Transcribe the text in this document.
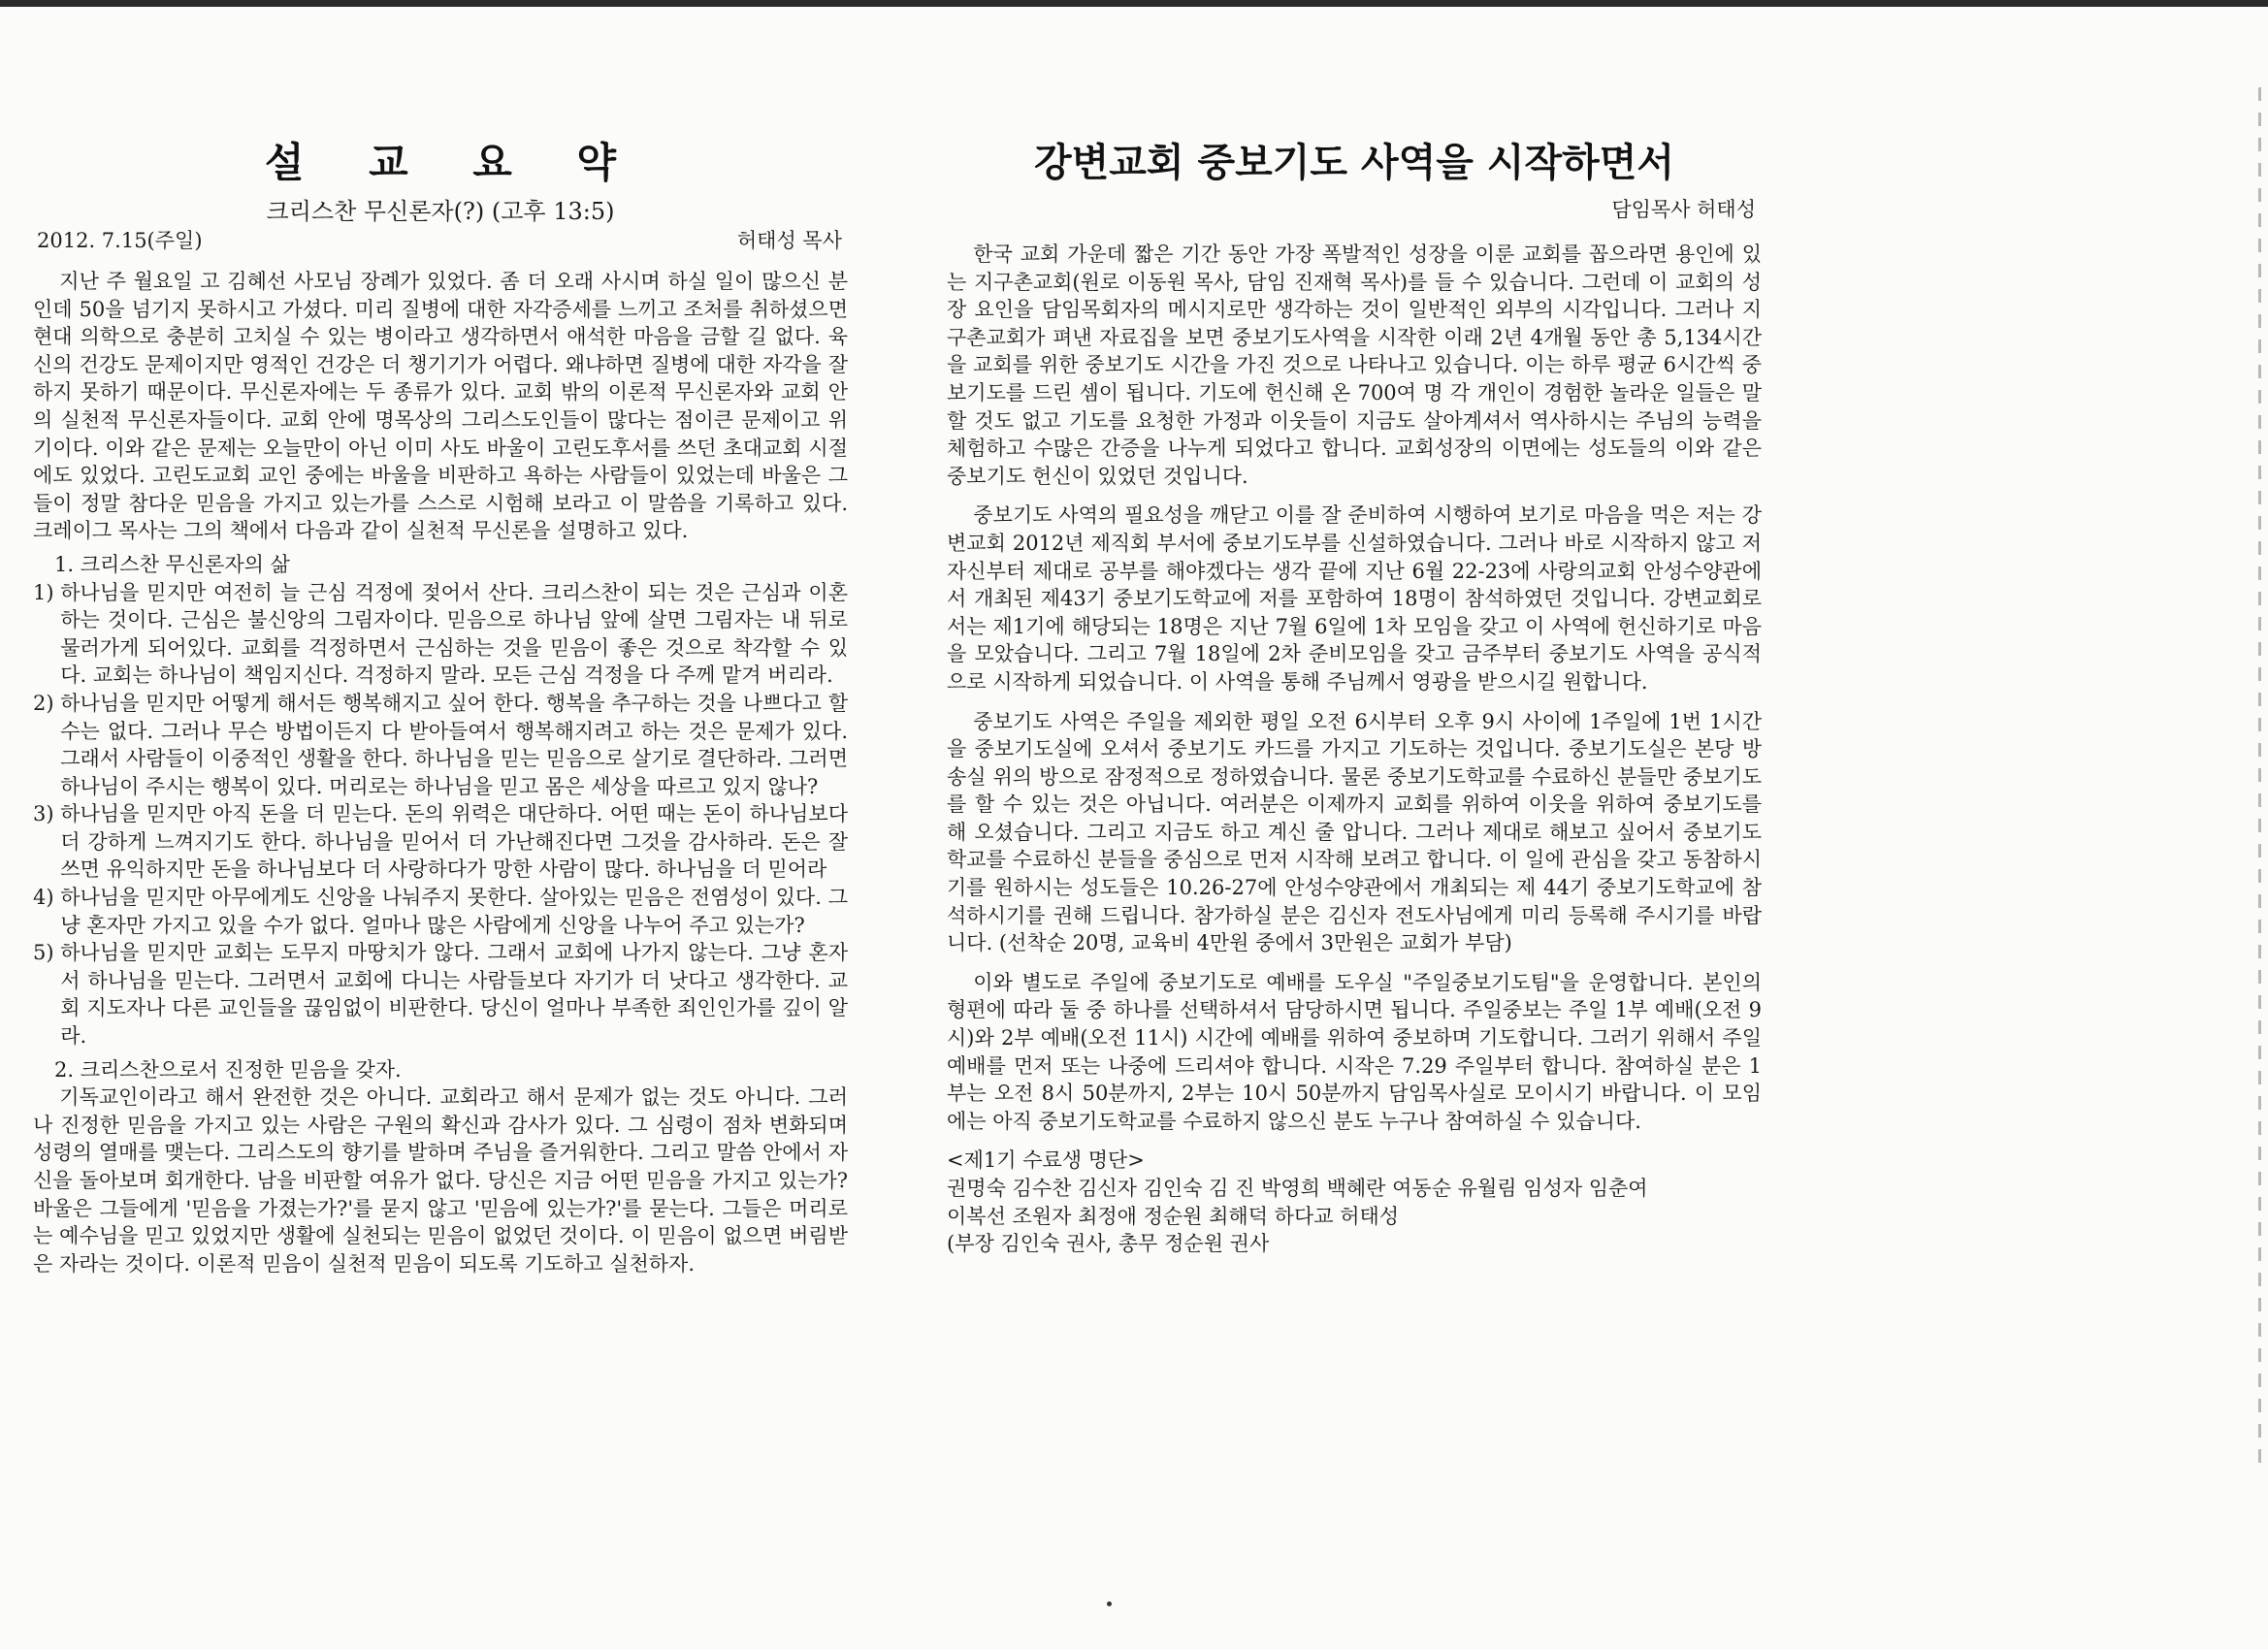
설 교 요 약
크리스찬 무신론자(?) (고후 13:5)
2012. 7.15(주일)	허태성 목사

지난 주 월요일 고 김혜선 사모님 장례가 있었다. 좀 더 오래 사시며 하실 일이 많으신 분인데 50을 넘기지 못하시고 가셨다. 미리 질병에 대한 자각증세를 느끼고 조처를 취하셨으면 현대 의학으로 충분히 고치실 수 있는 병이라고 생각하면서 애석한 마음을 금할 길 없다. 육신의 건강도 문제이지만 영적인 건강은 더 챙기기가 어렵다. 왜냐하면 질병에 대한 자각을 잘 하지 못하기 때문이다. 무신론자에는 두 종류가 있다. 교회 밖의 이론적 무신론자와 교회 안의 실천적 무신론자들이다. 교회 안에 명목상의 그리스도인들이 많다는 점이큰 문제이고 위기이다. 이와 같은 문제는 오늘만이 아닌 이미 사도 바울이 고린도후서를 쓰던 초대교회 시절에도 있었다. 고린도교회 교인 중에는 바울을 비판하고 욕하는 사람들이 있었는데 바울은 그들이 정말 참다운 믿음을 가지고 있는가를 스스로 시험해 보라고 이 말씀을 기록하고 있다. 크레이그 목사는 그의 책에서 다음과 같이 실천적 무신론을 설명하고 있다.

1. 크리스찬 무신론자의 삶
1) 하나님을 믿지만 여전히 늘 근심 걱정에 젖어서 산다. 크리스찬이 되는 것은 근심과 이혼하는 것이다. 근심은 불신앙의 그림자이다. 믿음으로 하나님 앞에 살면 그림자는 내 뒤로 물러가게 되어있다. 교회를 걱정하면서 근심하는 것을 믿음이 좋은 것으로 착각할 수 있다. 교회는 하나님이 책임지신다. 걱정하지 말라. 모든 근심 걱정을 다 주께 맡겨 버리라.
2) 하나님을 믿지만 어떻게 해서든 행복해지고 싶어 한다. 행복을 추구하는 것을 나쁘다고 할 수는 없다. 그러나 무슨 방법이든지 다 받아들여서 행복해지려고 하는 것은 문제가 있다. 그래서 사람들이 이중적인 생활을 한다. 하나님을 믿는 믿음으로 살기로 결단하라. 그러면 하나님이 주시는 행복이 있다. 머리로는 하나님을 믿고 몸은 세상을 따르고 있지 않나?
3) 하나님을 믿지만 아직 돈을 더 믿는다. 돈의 위력은 대단하다. 어떤 때는 돈이 하나님보다 더 강하게 느껴지기도 한다. 하나님을 믿어서 더 가난해진다면 그것을 감사하라. 돈은 잘 쓰면 유익하지만 돈을 하나님보다 더 사랑하다가 망한 사람이 많다. 하나님을 더 믿어라
4) 하나님을 믿지만 아무에게도 신앙을 나눠주지 못한다. 살아있는 믿음은 전염성이 있다. 그냥 혼자만 가지고 있을 수가 없다. 얼마나 많은 사람에게 신앙을 나누어 주고 있는가?
5) 하나님을 믿지만 교회는 도무지 마땅치가 않다. 그래서 교회에 나가지 않는다. 그냥 혼자서 하나님을 믿는다. 그러면서 교회에 다니는 사람들보다 자기가 더 낫다고 생각한다. 교회 지도자나 다른 교인들을 끊임없이 비판한다. 당신이 얼마나 부족한 죄인인가를 깊이 알라.
2. 크리스찬으로서 진정한 믿음을 갖자.

기독교인이라고 해서 완전한 것은 아니다. 교회라고 해서 문제가 없는 것도 아니다. 그러나 진정한 믿음을 가지고 있는 사람은 구원의 확신과 감사가 있다. 그 심령이 점차 변화되며 성령의 열매를 맺는다. 그리스도의 향기를 발하며 주님을 즐거워한다. 그리고 말씀 안에서 자신을 돌아보며 회개한다. 남을 비판할 여유가 없다. 당신은 지금 어떤 믿음을 가지고 있는가? 바울은 그들에게 '믿음을 가졌는가?'를 묻지 않고 '믿음에 있는가?'를 묻는다. 그들은 머리로는 예수님을 믿고 있었지만 생활에 실천되는 믿음이 없었던 것이다. 이 믿음이 없으면 버림받은 자라는 것이다. 이론적 믿음이 실천적 믿음이 되도록 기도하고 실천하자.

강변교회 중보기도 사역을 시작하면서
담임목사 허태성

한국 교회 가운데 짧은 기간 동안 가장 폭발적인 성장을 이룬 교회를 꼽으라면 용인에 있는 지구촌교회(원로 이동원 목사, 담임 진재혁 목사)를 들 수 있습니다. 그런데 이 교회의 성장 요인을 담임목회자의 메시지로만 생각하는 것이 일반적인 외부의 시각입니다. 그러나 지구촌교회가 펴낸 자료집을 보면 중보기도사역을 시작한 이래 2년 4개월 동안 총 5,134시간을 교회를 위한 중보기도 시간을 가진 것으로 나타나고 있습니다. 이는 하루 평균 6시간씩 중보기도를 드린 셈이 됩니다. 기도에 헌신해 온 700여 명 각 개인이 경험한 놀라운 일들은 말할 것도 없고 기도를 요청한 가정과 이웃들이 지금도 살아계셔서 역사하시는 주님의 능력을 체험하고 수많은 간증을 나누게 되었다고 합니다. 교회성장의 이면에는 성도들의 이와 같은 중보기도 헌신이 있었던 것입니다.

중보기도 사역의 필요성을 깨닫고 이를 잘 준비하여 시행하여 보기로 마음을 먹은 저는 강변교회 2012년 제직회 부서에 중보기도부를 신설하였습니다. 그러나 바로 시작하지 않고 저 자신부터 제대로 공부를 해야겠다는 생각 끝에 지난 6월 22-23에 사랑의교회 안성수양관에서 개최된 제43기 중보기도학교에 저를 포함하여 18명이 참석하였던 것입니다. 강변교회로서는 제1기에 해당되는 18명은 지난 7월 6일에 1차 모임을 갖고 이 사역에 헌신하기로 마음을 모았습니다. 그리고 7월 18일에 2차 준비모임을 갖고 금주부터 중보기도 사역을 공식적으로 시작하게 되었습니다. 이 사역을 통해 주님께서 영광을 받으시길 원합니다.

중보기도 사역은 주일을 제외한 평일 오전 6시부터 오후 9시 사이에 1주일에 1번 1시간을 중보기도실에 오셔서 중보기도 카드를 가지고 기도하는 것입니다. 중보기도실은 본당 방송실 위의 방으로 잠정적으로 정하였습니다. 물론 중보기도학교를 수료하신 분들만 중보기도를 할 수 있는 것은 아닙니다. 여러분은 이제까지 교회를 위하여 이웃을 위하여 중보기도를 해 오셨습니다. 그리고 지금도 하고 계신 줄 압니다. 그러나 제대로 해보고 싶어서 중보기도학교를 수료하신 분들을 중심으로 먼저 시작해 보려고 합니다. 이 일에 관심을 갖고 동참하시기를 원하시는 성도들은 10.26-27에 안성수양관에서 개최되는 제 44기 중보기도학교에 참석하시기를 권해 드립니다. 참가하실 분은 김신자 전도사님에게 미리 등록해 주시기를 바랍니다. (선착순 20명, 교육비 4만원 중에서 3만원은 교회가 부담)

이와 별도로 주일에 중보기도로 예배를 도우실 "주일중보기도팀"을 운영합니다. 본인의 형편에 따라 둘 중 하나를 선택하셔서 담당하시면 됩니다. 주일중보는 주일 1부 예배(오전 9시)와 2부 예배(오전 11시) 시간에 예배를 위하여 중보하며 기도합니다. 그러기 위해서 주일예배를 먼저 또는 나중에 드리셔야 합니다. 시작은 7.29 주일부터 합니다. 참여하실 분은 1부는 오전 8시 50분까지, 2부는 10시 50분까지 담임목사실로 모이시기 바랍니다. 이 모임에는 아직 중보기도학교를 수료하지 않으신 분도 누구나 참여하실 수 있습니다.

<제1기 수료생 명단>
권명숙 김수찬 김신자 김인숙 김 진 박영희 백혜란 여동순 유월림 임성자 임춘여
이복선 조원자 최정애 정순원 최해덕 하다교 허태성
(부장 김인숙 권사, 총무 정순원 권사
